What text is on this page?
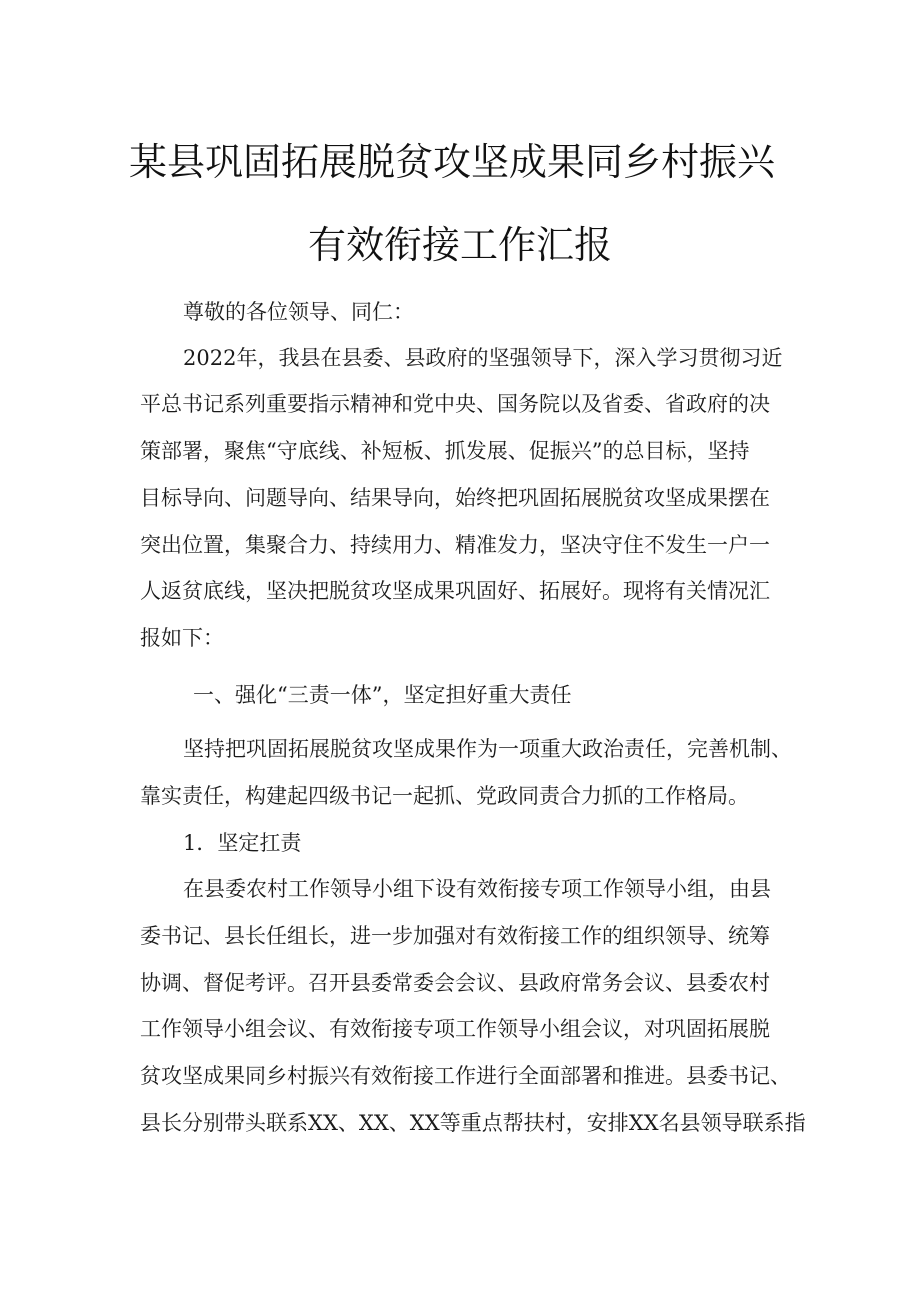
某县巩固拓展脱贫攻坚成果同乡村振兴
有效衔接工作汇报
尊敬的各位领导、同仁：
2022年，我县在县委、县政府的坚强领导下，深入学习贯彻习近
平总书记系列重要指示精神和党中央、国务院以及省委、省政府的决
策部署，聚焦“守底线、补短板、抓发展、促振兴”的总目标，坚持
目标导向、问题导向、结果导向，始终把巩固拓展脱贫攻坚成果摆在
突出位置，集聚合力、持续用力、精准发力，坚决守住不发生一户一
人返贫底线，坚决把脱贫攻坚成果巩固好、拓展好。现将有关情况汇
报如下：
一、强化“三责一体”，坚定担好重大责任
坚持把巩固拓展脱贫攻坚成果作为一项重大政治责任，完善机制、
靠实责任，构建起四级书记一起抓、党政同责合力抓的工作格局。
1．坚定扛责
在县委农村工作领导小组下设有效衔接专项工作领导小组，由县
委书记、县长任组长，进一步加强对有效衔接工作的组织领导、统筹
协调、督促考评。召开县委常委会会议、县政府常务会议、县委农村
工作领导小组会议、有效衔接专项工作领导小组会议，对巩固拓展脱
贫攻坚成果同乡村振兴有效衔接工作进行全面部署和推进。县委书记、
县长分别带头联系XX、XX、XX等重点帮扶村，安排XX名县领导联系指
